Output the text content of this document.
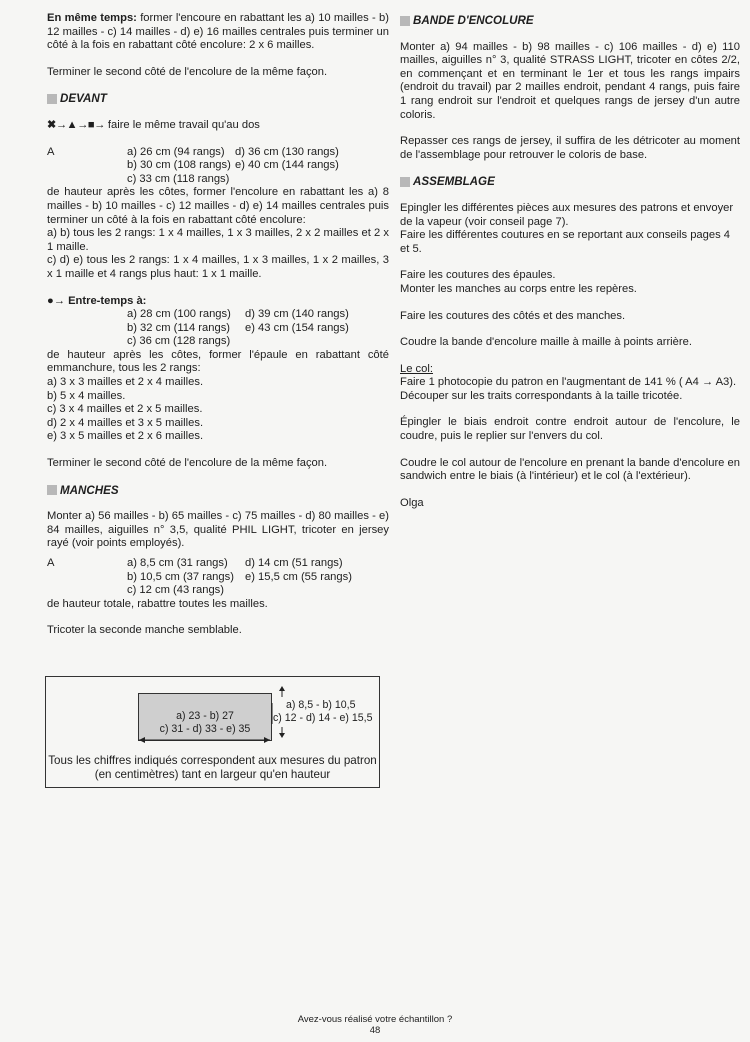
En même temps: former l'encoure en rabattant les a) 10 mailles - b) 12 mailles - c) 14 mailles - d) e) 16 mailles centrales puis terminer un côté à la fois en rabattant côté encolure: 2 x 6 mailles.

Terminer le second côté de l'encolure de la même façon.

DEVANT

✖→▲→■→ faire le même travail qu'au dos

A	a) 26 cm (94 rangs) d) 36 cm (130 rangs)
b) 30 cm (108 rangs) e) 40 cm (144 rangs)
c) 33 cm (118 rangs)

de hauteur après les côtes, former l'encolure en rabattant les a) 8 mailles - b) 10 mailles - c) 12 mailles - d) e) 14 mailles centrales puis terminer un côté à la fois en rabattant côté encolure:

a) b) tous les 2 rangs: 1 x 4 mailles, 1 x 3 mailles, 2 x 2 mailles et 2 x 1 maille.

c) d) e) tous les 2 rangs: 1 x 4 mailles, 1 x 3 mailles, 1 x 2 mailles, 3 x 1 maille et 4 rangs plus haut: 1 x 1 maille.

●→ Entre-temps à:

a) 28 cm (100 rangs)	d) 39 cm (140 rangs)
b) 32 cm (114 rangs)	e) 43 cm (154 rangs)
c) 36 cm (128 rangs)

de hauteur après les côtes, former l'épaule en rabattant côté emmanchure, tous les 2 rangs:

a) 3 x 3 mailles et 2 x 4 mailles.

b) 5 x 4 mailles.

c) 3 x 4 mailles et 2 x 5 mailles.

d) 2 x 4 mailles et 3 x 5 mailles.

e) 3 x 5 mailles et 2 x 6 mailles.

Terminer le second côté de l'encolure de la même façon.

MANCHES

Monter a) 56 mailles - b) 65 mailles - c) 75 mailles - d) 80 mailles - e) 84 mailles, aiguilles n° 3,5, qualité PHIL LIGHT, tricoter en jersey rayé (voir points employés).

A	a) 8,5 cm (31 rangs)	d) 14 cm (51 rangs)
b) 10,5 cm (37 rangs) e) 15,5 cm (55 rangs)
c) 12 cm (43 rangs)

de hauteur totale, rabattre toutes les mailles.

Tricoter la seconde manche semblable.

a) 23 - b) 27
c) 31 - d) 33 - e) 35
a) 8,5 - b) 10,5
c) 12 - d) 14 - e) 15,5
Tous les chiffres indiqués correspondent aux mesures du patron (en centimètres) tant en largeur qu'en hauteur
BANDE D'ENCOLURE

Monter a) 94 mailles - b) 98 mailles - c) 106 mailles - d) e) 110 mailles, aiguilles n° 3, qualité STRASS LIGHT, tricoter en côtes 2/2, en commençant et en terminant le 1er et tous les rangs impairs (endroit du travail) par 2 mailles endroit, pendant 4 rangs, puis faire 1 rang endroit sur l'endroit et quelques rangs de jersey d'un autre coloris.

Repasser ces rangs de jersey, il suffira de les détricoter au moment de l'assemblage pour retrouver le coloris de base.

ASSEMBLAGE

Epingler les différentes pièces aux mesures des patrons et envoyer de la vapeur (voir conseil page 7).

Faire les différentes coutures en se reportant aux conseils pages 4 et 5.

Faire les coutures des épaules.

Monter les manches au corps entre les repères.

Faire les coutures des côtés et des manches.

Coudre la bande d'encolure maille à maille à points arrière.

Le col:

Faire 1 photocopie du patron en l'augmentant de 141 % ( A4 → A3).

Découper sur les traits correspondants à la taille tricotée.

Épingler le biais endroit contre endroit autour de l'encolure, le coudre, puis le replier sur l'envers du col.

Coudre le col autour de l'encolure en prenant la bande d'encolure en sandwich entre le biais (à l'intérieur) et le col (à l'extérieur).

Olga

Avez-vous réalisé votre échantillon ?
48
